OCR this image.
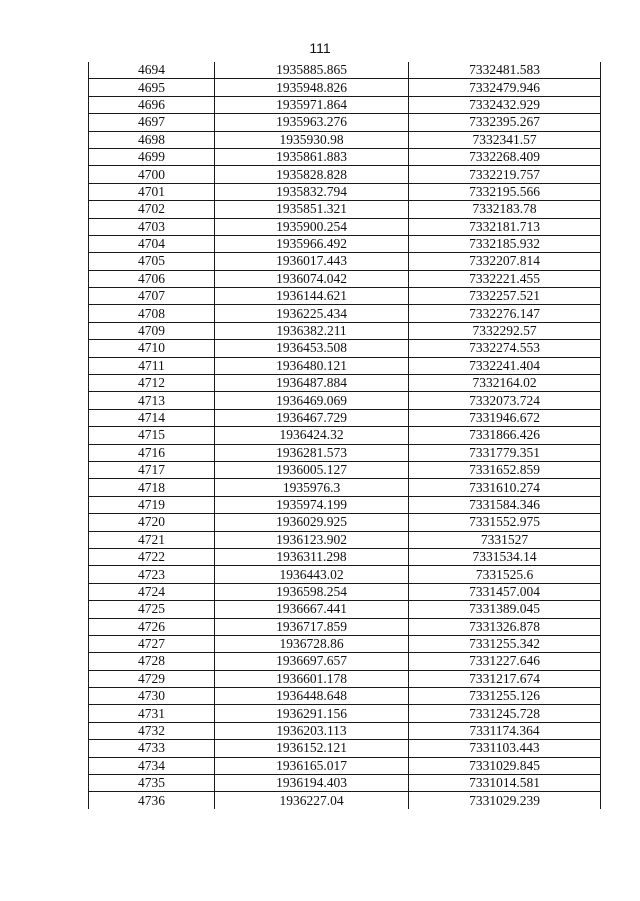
111
4694	1935885.865	7332481.583
4695	1935948.826	7332479.946
4696	1935971.864	7332432.929
4697	1935963.276	7332395.267
4698	1935930.98	7332341.57
4699	1935861.883	7332268.409
4700	1935828.828	7332219.757
4701	1935832.794	7332195.566
4702	1935851.321	7332183.78
4703	1935900.254	7332181.713
4704	1935966.492	7332185.932
4705	1936017.443	7332207.814
4706	1936074.042	7332221.455
4707	1936144.621	7332257.521
4708	1936225.434	7332276.147
4709	1936382.211	7332292.57
4710	1936453.508	7332274.553
4711	1936480.121	7332241.404
4712	1936487.884	7332164.02
4713	1936469.069	7332073.724
4714	1936467.729	7331946.672
4715	1936424.32	7331866.426
4716	1936281.573	7331779.351
4717	1936005.127	7331652.859
4718	1935976.3	7331610.274
4719	1935974.199	7331584.346
4720	1936029.925	7331552.975
4721	1936123.902	7331527
4722	1936311.298	7331534.14
4723	1936443.02	7331525.6
4724	1936598.254	7331457.004
4725	1936667.441	7331389.045
4726	1936717.859	7331326.878
4727	1936728.86	7331255.342
4728	1936697.657	7331227.646
4729	1936601.178	7331217.674
4730	1936448.648	7331255.126
4731	1936291.156	7331245.728
4732	1936203.113	7331174.364
4733	1936152.121	7331103.443
4734	1936165.017	7331029.845
4735	1936194.403	7331014.581
4736	1936227.04	7331029.239
